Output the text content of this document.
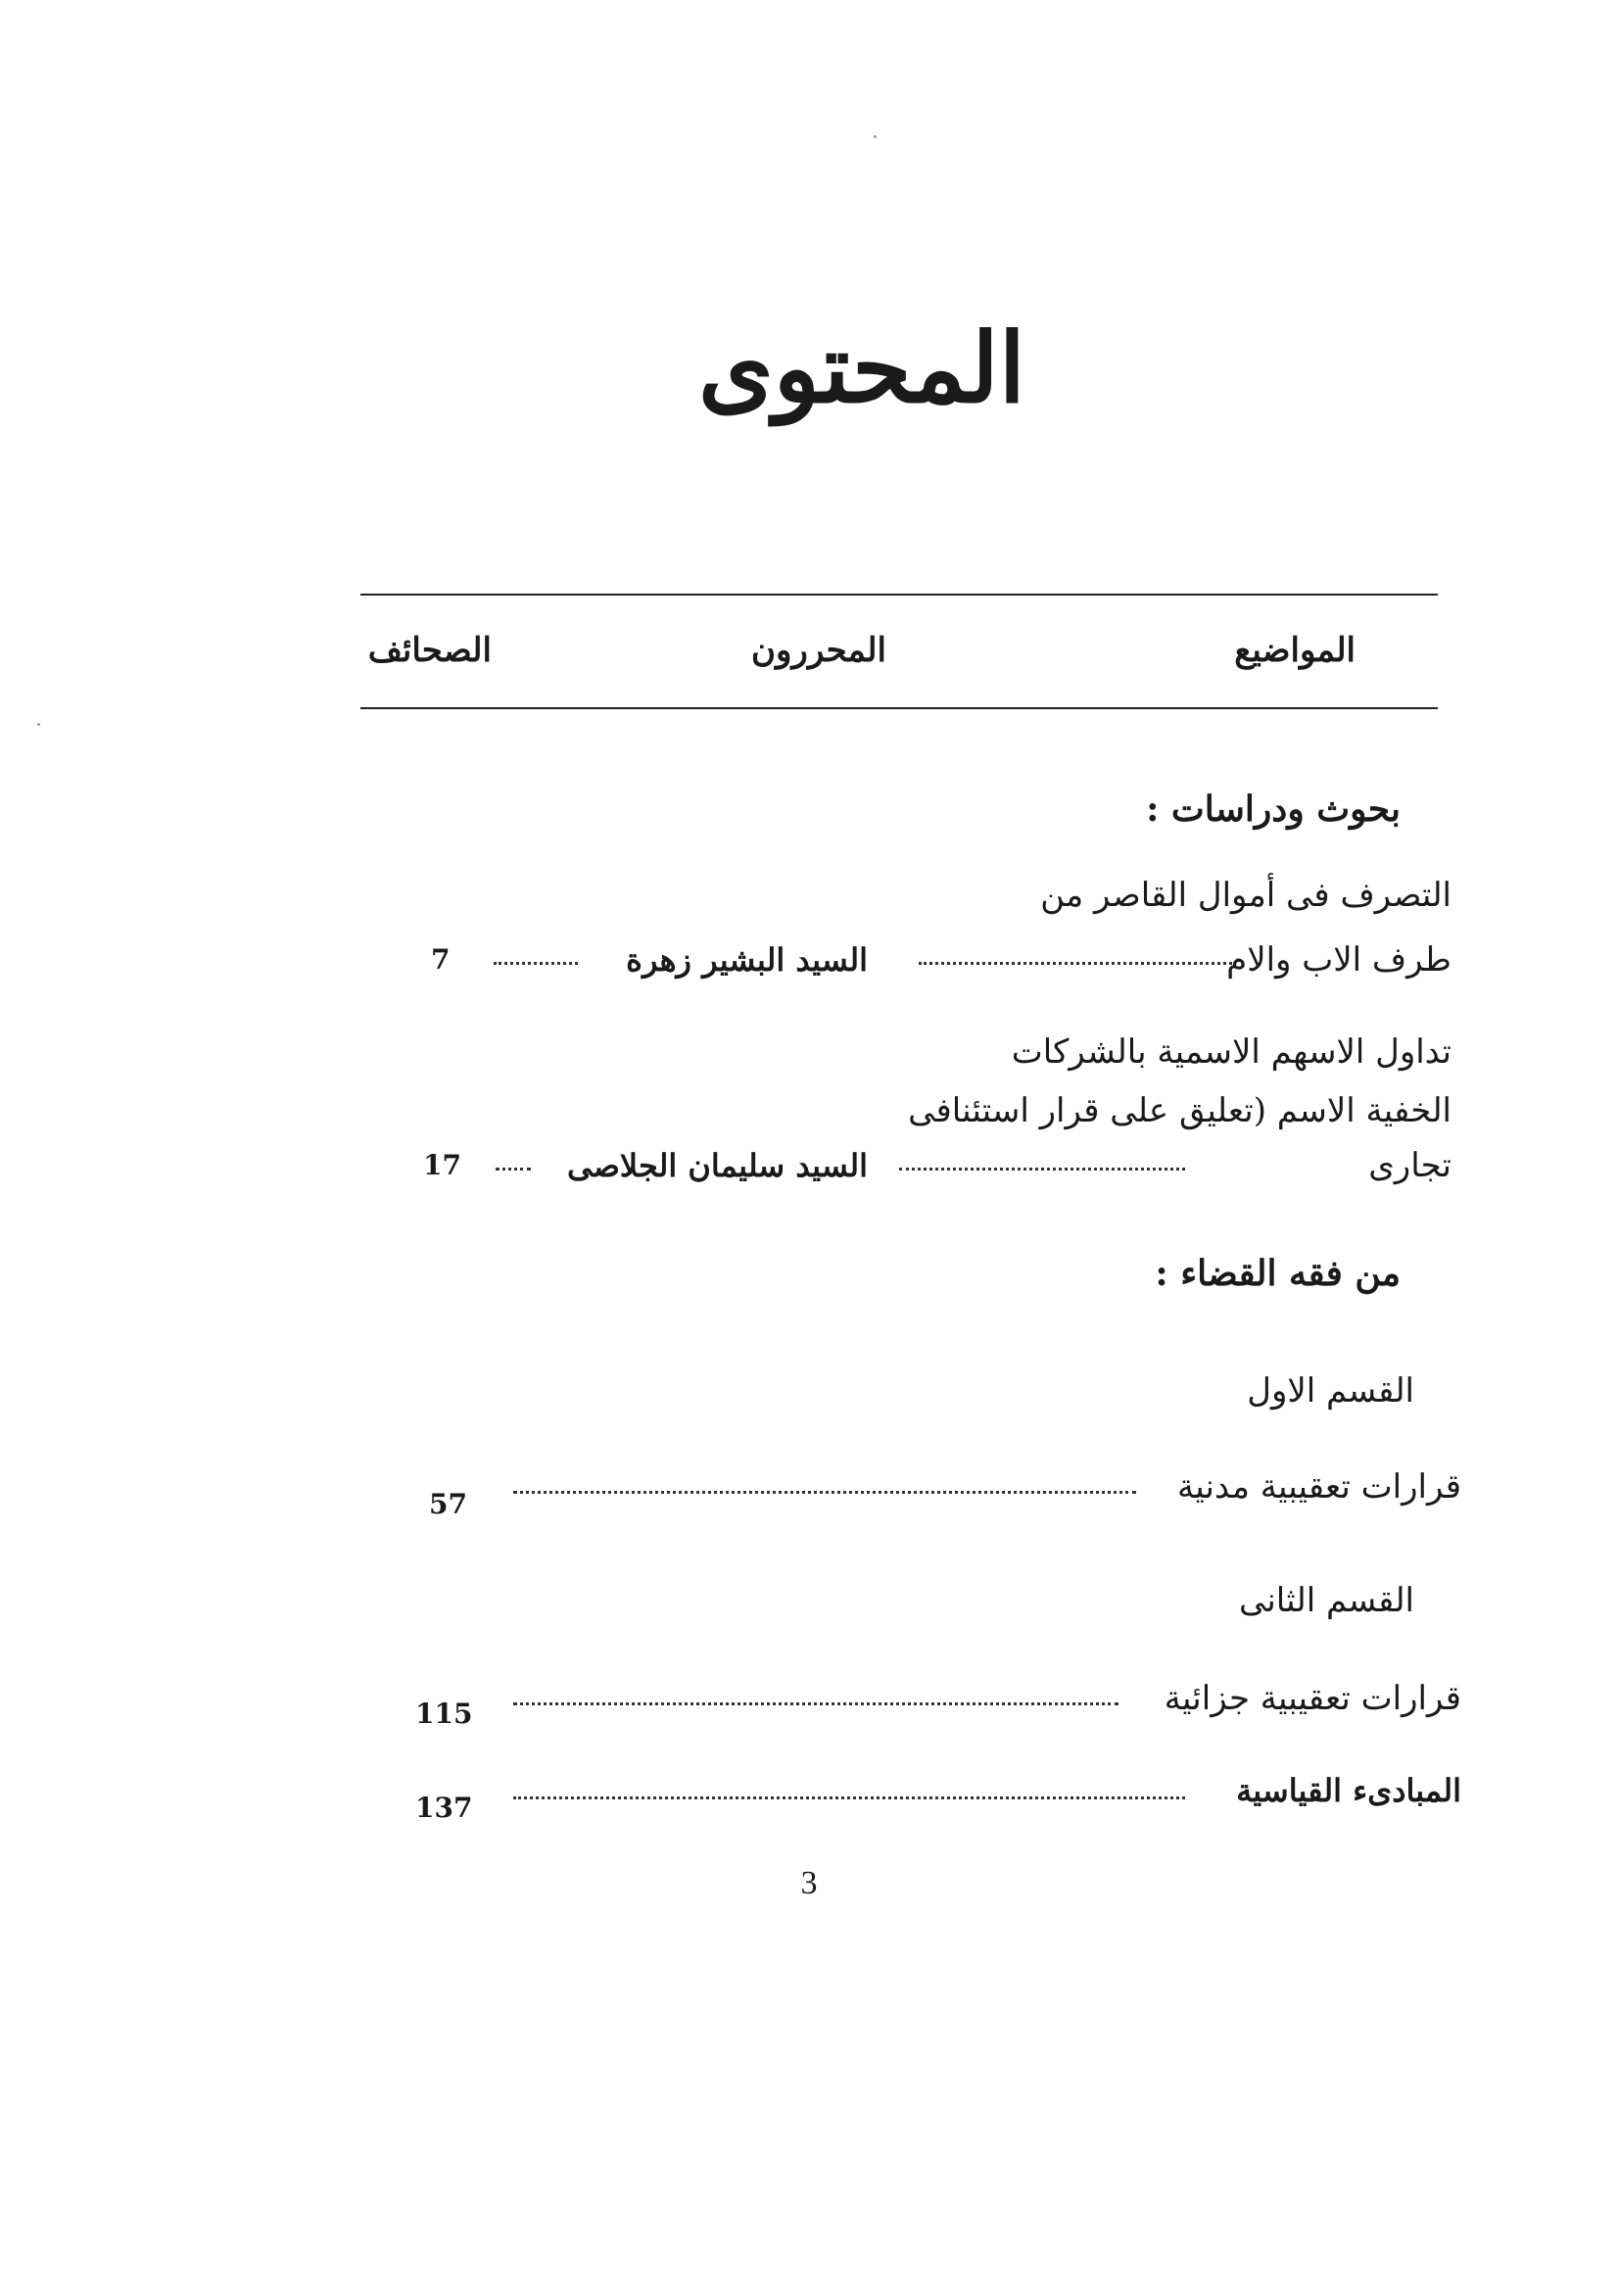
المحتوى
المواضيع
المحررون
الصحائف
بحوث ودراسات :
التصرف فى أموال القاصر من
طرف الاب والام
السيد البشير زهرة
7
تداول الاسهم الاسمية بالشركات
الخفية الاسم (تعليق على قرار استئنافى
تجارى
السيد سليمان الجلاصى
17
من فقه القضاء :
القسم الاول
قرارات تعقيبية مدنية
57
القسم الثانى
قرارات تعقيبية جزائية
115
المبادىء القياسية
137
3
